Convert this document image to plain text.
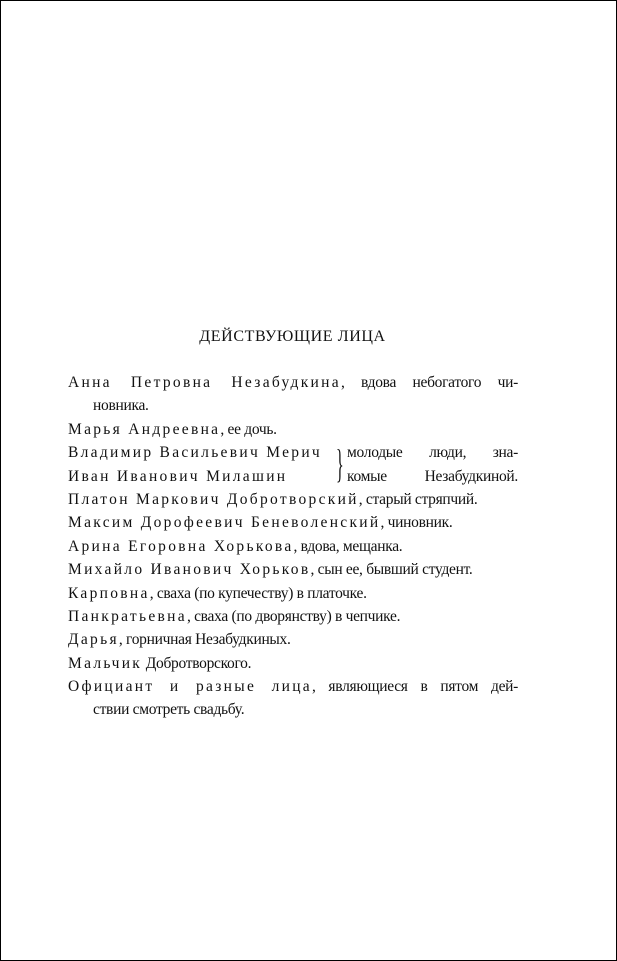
ДЕЙСТВУЮЩИЕ ЛИЦА
Анна Петровна Незабудкина, вдова небогатого чи-
новника.
Марья Андреевна, ее дочь.
Владимир Васильевич Мерич
Иван Иванович Милашин } молодые люди, зна-
комые Незабудкиной.
Платон Маркович Добротворский, старый стряпчий.
Максим Дорофеевич Беневоленский, чиновник.
Арина Егоровна Хорькова, вдова, мещанка.
Михайло Иванович Хорьков, сын ее, бывший студент.
Карповна, сваха (по купечеству) в платочке.
Панкратьевна, сваха (по дворянству) в чепчике.
Дарья, горничная Незабудкиных.
Мальчик Добротворского.
Официант и разные лица, являющиеся в пятом дей-
ствии смотреть свадьбу.
